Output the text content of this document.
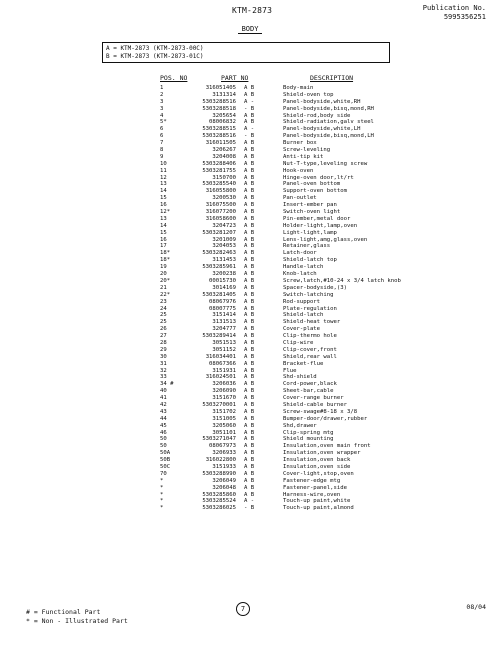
KTM-2873	Publication No.
5995356251
BODY
A = KTM-2873 (KTM-2873-00C)
B = KTM-2873 (KTM-2873-01C)
POS. NO	PART NO	DESCRIPTION
1	316051405 A B	Body-main
2	3131314 A B	Shield-oven top
3	5303288516 A -	Panel-bodyside,white,RH
3	5303288518 - B	Panel-bodyside,bisq,mond,RH
4	3205654 A B	Shield-rod,body side
5*	08006832 A B	Shield-radiation,galv steel
6	5303288515 A -	Panel-bodyside,white,LH
6	5303288516 - B	Panel-bodyside,bisq,mond,LH
7	316011505 A B	Burner box
8	3206267 A B	Screw-leveling
9	3204008 A B	Anti-tip kit
10	5303288406 A B	Nut-T-type,leveling screw
11	5303281755 A B	Hook-oven
12	3150700 A B	Hinge-oven door,lt/rt
13	5303285540 A B	Panel-oven bottom
14	316055800 A B	Support-oven bottom
15	3200530 A B	Pan-outlet
16	316075500 A B	Insert-ember pan
12*	316077200 A B	Switch-oven light
13	316058600 A B	Pin-ember,metal door
14	3204723 A B	Holder-light,lamp,oven
15	5303281207 A B	Light-light,lamp
16	3201009 A B	Lens-light,amg,glass,oven
17	3204053 A B	Retainer,glass
18*	5303282463 A B	Latch-door
18*	3131453 A B	Shield-latch top
19	5303285961 A B	Handle-latch
20	3200238 A B	Knob-latch
20*	00015730 A B	Screw,latch,#10-24 x 3/4 latch knob
21	3014169 A B	Spacer-bodyside,(3)
22*	5303281405 A B	Switch-latching
23	08067976 A B	Rod-support
24	08007775 A B	Plate-regulation
25	3151414 A B	Shield-latch
25	3131513 A B	Shield-heat tower
26	3204777 A B	Cover-plate
27	5303289414 A B	Clip-thermo hole
28	3051513 A B	Clip-wire
29	3051152 A B	Clip-cover,front
30	316034401 A B	Shield,rear wall
31	08067366 A B	Bracket-flue
32	3151931 A B	Flue
33	316024501 A B	Shd-shield
34 #	3206036 A B	Cord-power,black
40	3206090 A B	Sheet-bar,cable
41	3151670 A B	Cover-range burner
42	5303270001 A B	Shield-cable burner
43	3151702 A B	Screw-swage#8-18 x 3/8
44	3151005 A B	Bumper-door/drawer,rubber
45	3205060 A B	Shd,drawer
46	3051101 A B	Clip-spring mtg
50	5303271047 A B	Shield mounting
50	08067973 A B	Insulation,oven main front
50A	3206933 A B	Insulation,oven wrapper
50B	316022800 A B	Insulation,oven back
50C	3151933 A B	Insulation,oven side
70	5303288990 A B	Cover-light,stop,oven
*	3206049 A B	Fastener-edge mtg
*	3206048 A B	Fastener-panel,side
*	5303285860 A B	Harness-wire,oven
*	5303285524 A -	Touch-up paint,white
*	5303286025 - B	Touch-up paint,almond
# = Functional Part
* = Non - Illustrated Part
7	08/04
